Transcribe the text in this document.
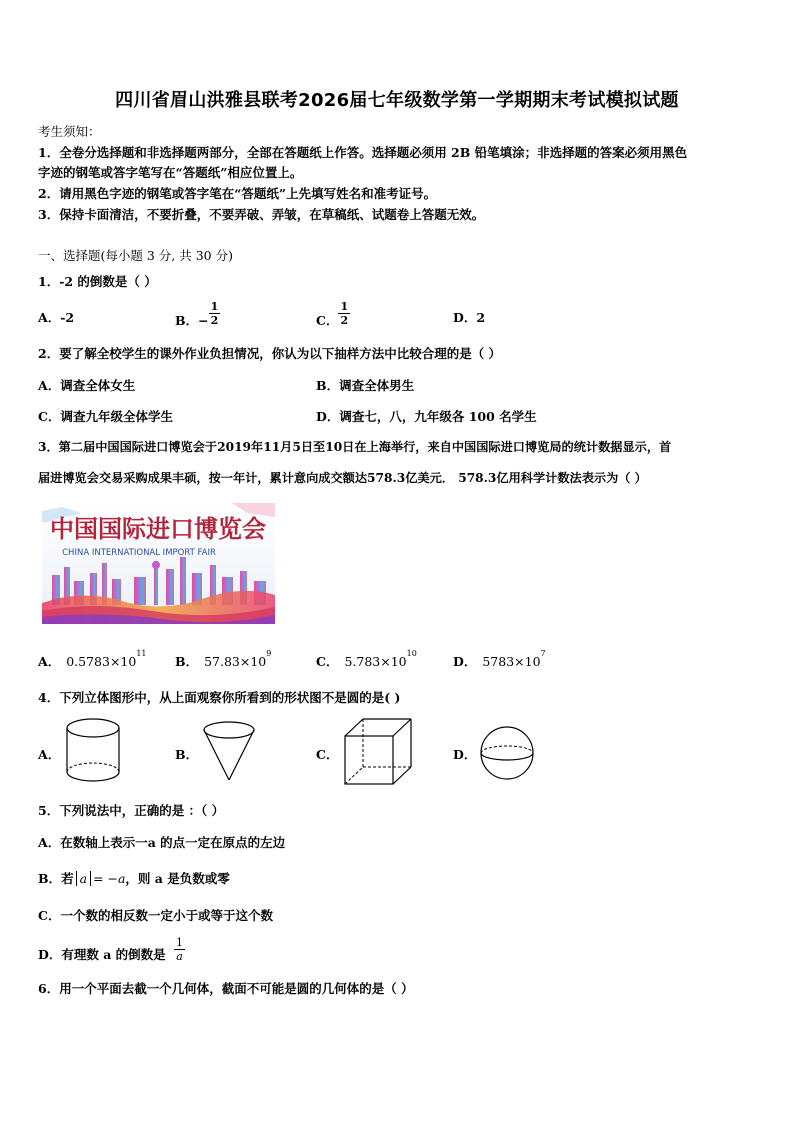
四川省眉山洪雅县联考2026届七年级数学第一学期期末考试模拟试题
考生须知：
1．全卷分选择题和非选择题两部分，全部在答题纸上作答。选择题必须用 2B 铅笔填涂；非选择题的答案必须用黑色
字迹的钢笔或答字笔写在“答题纸”相应位置上。
2．请用黑色字迹的钢笔或答字笔在“答题纸”上先填写姓名和准考证号。
3．保持卡面清洁，不要折叠，不要弄破、弄皱，在草稿纸、试题卷上答题无效。
一、选择题(每小题 3 分, 共 30 分)
1．-2 的倒数是（ ）
A．-2	B．− $\frac{1}{2}$	C． $\frac{1}{2}$	D．2
2．要了解全校学生的课外作业负担情况，你认为以下抽样方法中比较合理的是（ ）
A．调查全体女生	B．调查全体男生
C．调查九年级全体学生	D．调查七，八，九年级各 100 名学生
3．第二届中国国际进口博览会于2019年11月5日至10日在上海举行，来自中国国际进口博览局的统计数据显示，首
届进博览会交易采购成果丰硕，按一年计，累计意向成交额达578.3亿美元． 578.3亿用科学计数法表示为（ ）
中国国际进口博览会
CHINA INTERNATIONAL IMPORT FAIR
A． $0.5783\times 10^{11}$
B． $57.83\times 10^9$
C． $5.783\times 10^{10}$
D． $5783\times 10^7$
4．下列立体图形中，从上面观察你所看到的形状图不是圆的是( )
A．	B．	C．	D．
5．下列说法中，正确的是 ：（ ）
A．在数轴上表示一a 的点一定在原点的左边
B．若 a = −a，则 a 是负数或零
C．一个数的相反数一定小于或等于这个数
D．有理数 a 的倒数是 $\frac{1}{a}$
6．用一个平面去截一个几何体，截面不可能是圆的几何体的是（ ）
